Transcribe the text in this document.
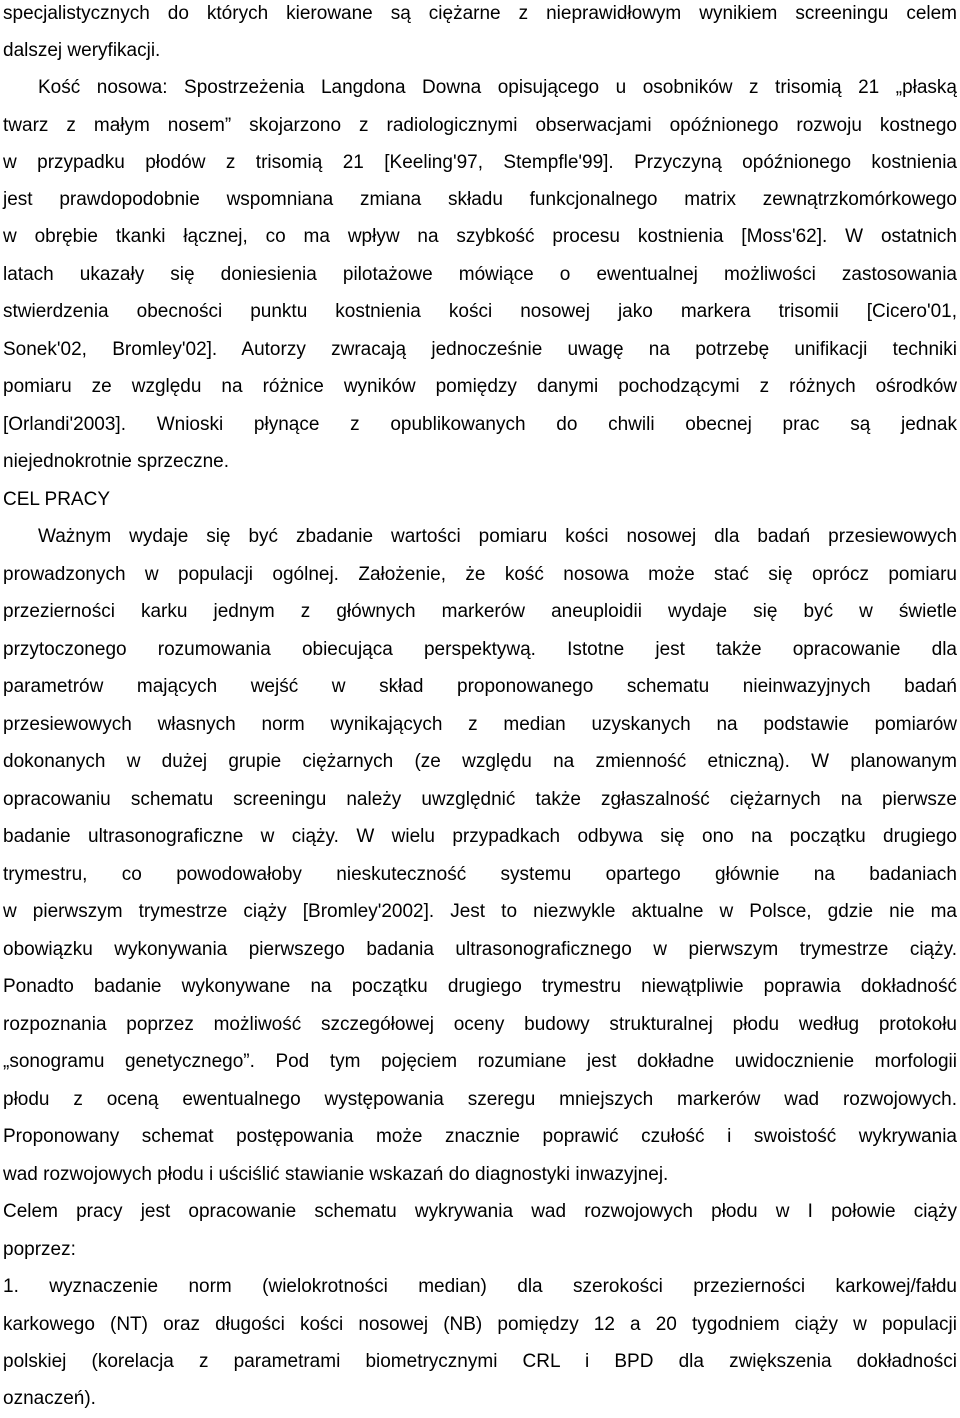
specjalistycznych do których kierowane są ciężarne z nieprawidłowym wynikiem screeningu celem
dalszej weryfikacji.
Kość nosowa: Spostrzeżenia Langdona Downa opisującego u osobników z trisomią 21 „płaską
twarz z małym nosem” skojarzono z radiologicznymi obserwacjami opóźnionego rozwoju kostnego
w przypadku płodów z trisomią 21 [Keeling'97, Stempfle'99]. Przyczyną opóźnionego kostnienia
jest prawdopodobnie wspomniana zmiana składu funkcjonalnego matrix zewnątrzkomórkowego
w obrębie tkanki łącznej, co ma wpływ na szybkość procesu kostnienia [Moss'62]. W ostatnich
latach ukazały się doniesienia pilotażowe mówiące o ewentualnej możliwości zastosowania
stwierdzenia obecności punktu kostnienia kości nosowej jako markera trisomii [Cicero'01,
Sonek'02, Bromley'02]. Autorzy zwracają jednocześnie uwagę na potrzebę unifikacji techniki
pomiaru ze względu na różnice wyników pomiędzy danymi pochodzącymi z różnych ośrodków
[Orlandi'2003]. Wnioski płynące z opublikowanych do chwili obecnej prac są jednak
niejednokrotnie sprzeczne.
CEL PRACY
Ważnym wydaje się być zbadanie wartości pomiaru kości nosowej dla badań przesiewowych
prowadzonych w populacji ogólnej. Założenie, że kość nosowa może stać się oprócz pomiaru
przezierności karku jednym z głównych markerów aneuploidii wydaje się być w świetle
przytoczonego rozumowania obiecująca perspektywą. Istotne jest także opracowanie dla
parametrów mających wejść w skład proponowanego schematu nieinwazyjnych badań
przesiewowych własnych norm wynikających z median uzyskanych na podstawie pomiarów
dokonanych w dużej grupie ciężarnych (ze względu na zmienność etniczną). W planowanym
opracowaniu schematu screeningu należy uwzględnić także zgłaszalność ciężarnych na pierwsze
badanie ultrasonograficzne w ciąży. W wielu przypadkach odbywa się ono na początku drugiego
trymestru, co powodowałoby nieskuteczność systemu opartego głównie na badaniach
w pierwszym trymestrze ciąży [Bromley'2002]. Jest to niezwykle aktualne w Polsce, gdzie nie ma
obowiązku wykonywania pierwszego badania ultrasonograficznego w pierwszym trymestrze ciąży.
Ponadto badanie wykonywane na początku drugiego trymestru niewątpliwie poprawia dokładność
rozpoznania poprzez możliwość szczegółowej oceny budowy strukturalnej płodu według protokołu
„sonogramu genetycznego”. Pod tym pojęciem rozumiane jest dokładne uwidocznienie morfologii
płodu z oceną ewentualnego występowania szeregu mniejszych markerów wad rozwojowych.
Proponowany schemat postępowania może znacznie poprawić czułość i swoistość wykrywania
wad rozwojowych płodu i uściślić stawianie wskazań do diagnostyki inwazyjnej.
Celem pracy jest opracowanie schematu wykrywania wad rozwojowych płodu w I połowie ciąży
poprzez:
1. wyznaczenie norm (wielokrotności median) dla szerokości przezierności karkowej/fałdu
karkowego (NT) oraz długości kości nosowej (NB) pomiędzy 12 a 20 tygodniem ciąży w populacji
polskiej (korelacja z parametrami biometrycznymi CRL i BPD dla zwiększenia dokładności
oznaczeń).
